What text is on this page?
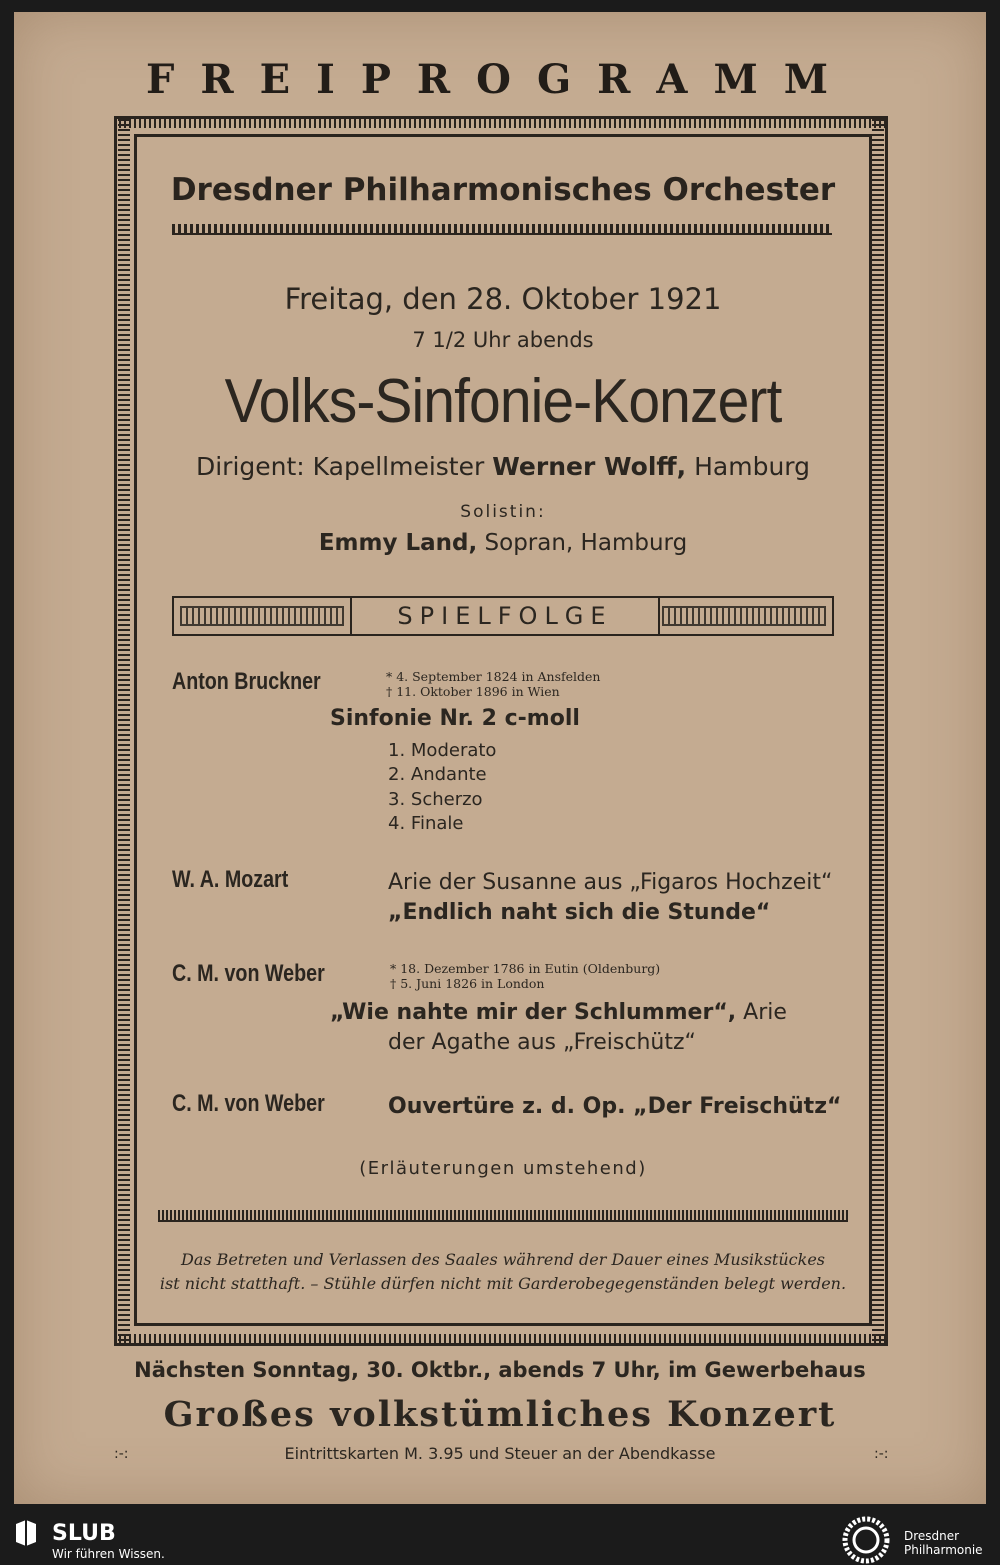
FREIPROGRAMM
Dresdner Philharmonisches Orchester
Freitag, den 28. Oktober 1921
7 1/2 Uhr abends
Volks-Sinfonie-Konzert
Dirigent: Kapellmeister Werner Wolff, Hamburg
Solistin:
Emmy Land, Sopran, Hamburg
SPIELFOLGE
Anton Bruckner	* 4. September 1824 in Ansfelden
† 11. Oktober 1896 in Wien
Sinfonie Nr. 2 c-moll
1. Moderato
2. Andante
3. Scherzo
4. Finale
W. A. Mozart	Arie der Susanne aus „Figaros Hochzeit“
„Endlich naht sich die Stunde“
C. M. von Weber	* 18. Dezember 1786 in Eutin (Oldenburg)
† 5. Juni 1826 in London
„Wie nahte mir der Schlummer“, Arie
der Agathe aus „Freischütz“
C. M. von Weber	Ouvertüre z. d. Op. „Der Freischütz“
(Erläuterungen umstehend)
Das Betreten und Verlassen des Saales während der Dauer eines Musikstückes
ist nicht statthaft. – Stühle dürfen nicht mit Garderobegegenständen belegt werden.
Nächsten Sonntag, 30. Oktbr., abends 7 Uhr, im Gewerbehaus
Großes volkstümliches Konzert
Eintrittskarten M. 3.95 und Steuer an der Abendkasse
:-:	:-:
SLUB
Wir führen Wissen.
Dresdner
Philharmonie
